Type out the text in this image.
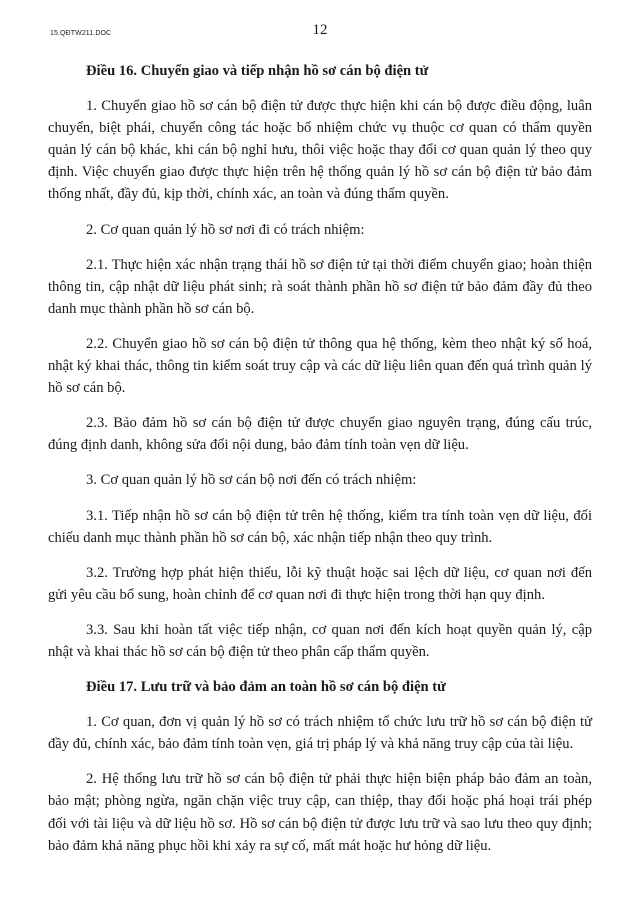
15.QĐTW211.DOC	12

Điều 16. Chuyển giao và tiếp nhận hồ sơ cán bộ điện tử

1. Chuyển giao hồ sơ cán bộ điện tử được thực hiện khi cán bộ được điều động, luân chuyển, biệt phái, chuyển công tác hoặc bổ nhiệm chức vụ thuộc cơ quan có thẩm quyền quản lý cán bộ khác, khi cán bộ nghỉ hưu, thôi việc hoặc thay đổi cơ quan quản lý theo quy định. Việc chuyển giao được thực hiện trên hệ thống quản lý hồ sơ cán bộ điện tử bảo đảm thống nhất, đầy đủ, kịp thời, chính xác, an toàn và đúng thẩm quyền.

2. Cơ quan quản lý hồ sơ nơi đi có trách nhiệm:

2.1. Thực hiện xác nhận trạng thái hồ sơ điện tử tại thời điểm chuyển giao; hoàn thiện thông tin, cập nhật dữ liệu phát sinh; rà soát thành phần hồ sơ điện tử bảo đảm đầy đủ theo danh mục thành phần hồ sơ cán bộ.

2.2. Chuyển giao hồ sơ cán bộ điện tử thông qua hệ thống, kèm theo nhật ký số hoá, nhật ký khai thác, thông tin kiểm soát truy cập và các dữ liệu liên quan đến quá trình quản lý hồ sơ cán bộ.

2.3. Bảo đảm hồ sơ cán bộ điện tử được chuyển giao nguyên trạng, đúng cấu trúc, đúng định danh, không sửa đổi nội dung, bảo đảm tính toàn vẹn dữ liệu.

3. Cơ quan quản lý hồ sơ cán bộ nơi đến có trách nhiệm:

3.1. Tiếp nhận hồ sơ cán bộ điện tử trên hệ thống, kiểm tra tính toàn vẹn dữ liệu, đối chiếu danh mục thành phần hồ sơ cán bộ, xác nhận tiếp nhận theo quy trình.

3.2. Trường hợp phát hiện thiếu, lỗi kỹ thuật hoặc sai lệch dữ liệu, cơ quan nơi đến gửi yêu cầu bổ sung, hoàn chỉnh để cơ quan nơi đi thực hiện trong thời hạn quy định.

3.3. Sau khi hoàn tất việc tiếp nhận, cơ quan nơi đến kích hoạt quyền quản lý, cập nhật và khai thác hồ sơ cán bộ điện tử theo phân cấp thẩm quyền.

Điều 17. Lưu trữ và bảo đảm an toàn hồ sơ cán bộ điện tử

1. Cơ quan, đơn vị quản lý hồ sơ có trách nhiệm tổ chức lưu trữ hồ sơ cán bộ điện tử đầy đủ, chính xác, bảo đảm tính toàn vẹn, giá trị pháp lý và khả năng truy cập của tài liệu.

2. Hệ thống lưu trữ hồ sơ cán bộ điện tử phải thực hiện biện pháp bảo đảm an toàn, bảo mật; phòng ngừa, ngăn chặn việc truy cập, can thiệp, thay đổi hoặc phá hoại trái phép đối với tài liệu và dữ liệu hồ sơ. Hồ sơ cán bộ điện tử được lưu trữ và sao lưu theo quy định; bảo đảm khả năng phục hồi khi xảy ra sự cố, mất mát hoặc hư hỏng dữ liệu.
